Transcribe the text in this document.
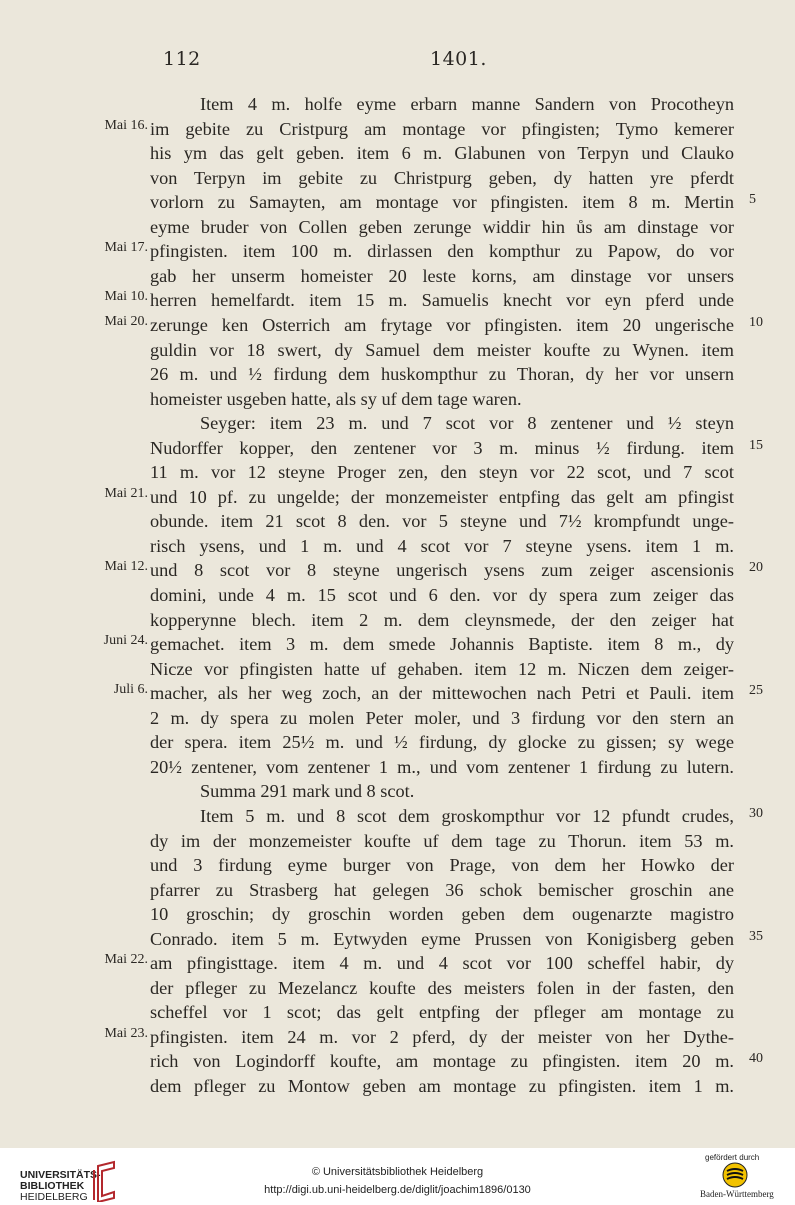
112	1401.
Item 4 m. holfe eyme erbarn manne Sandern von Procotheyn
Mai 16. im gebite zu Cristpurg am montage vor pfingisten; Tymo kemerer
his ym das gelt geben. item 6 m. Glabunen von Terpyn und Clauko
von Terpyn im gebite zu Christpurg geben, dy hatten yre pferdt
vorlorn zu Samayten, am montage vor pfingisten. item 8 m. Mertin 5
eyme bruder von Collen geben zerunge widdir hin ůs am dinstage vor
Mai 17. pfingisten. item 100 m. dirlassen den kompthur zu Papow, do vor
gab her unserm homeister 20 leste korns, am dinstage vor unsers
Mai 10. herren hemelfardt. item 15 m. Samuelis knecht vor eyn pferd unde
Mai 20. zerunge ken Osterrich am frytage vor pfingisten. item 20 ungerische 10
guldin vor 18 swert, dy Samuel dem meister koufte zu Wynen. item
26 m. und ½ firdung dem huskompthur zu Thoran, dy her vor unsern
homeister usgeben hatte, als sy uf dem tage waren.
Seyger: item 23 m. und 7 scot vor 8 zentener und ½ steyn
Nudorffer kopper, den zentener vor 3 m. minus ½ firdung. item 15
11 m. vor 12 steyne Proger zen, den steyn vor 22 scot, und 7 scot
Mai 21. und 10 pf. zu ungelde; der monzemeister entpfing das gelt am pfingist
obunde. item 21 scot 8 den. vor 5 steyne und 7½ krompfundt unge-
risch ysens, und 1 m. und 4 scot vor 7 steyne ysens. item 1 m.
Mai 12. und 8 scot vor 8 steyne ungerisch ysens zum zeiger ascensionis 20
domini, unde 4 m. 15 scot und 6 den. vor dy spera zum zeiger das
kopperynne blech. item 2 m. dem cleynsmede, der den zeiger hat
Juni 24. gemachet. item 3 m. dem smede Johannis Baptiste. item 8 m., dy
Nicze vor pfingisten hatte uf gehaben. item 12 m. Niczen dem zeiger-
Juli 6. macher, als her weg zoch, an der mittewochen nach Petri et Pauli. item 25
2 m. dy spera zu molen Peter moler, und 3 firdung vor den stern an
der spera. item 25½ m. und ½ firdung, dy glocke zu gissen; sy wege
20½ zentener, vom zentener 1 m., und vom zentener 1 firdung zu lutern.
Summa 291 mark und 8 scot.
Item 5 m. und 8 scot dem groskompthur vor 12 pfundt crudes, 30
dy im der monzemeister koufte uf dem tage zu Thorun. item 53 m.
und 3 firdung eyme burger von Prage, von dem her Howko der
pfarrer zu Strasberg hat gelegen 36 schok bemischer groschin ane
10 groschin; dy groschin worden geben dem ougenarzte magistro
Conrado. item 5 m. Eytwyden eyme Prussen von Konigisberg geben 35
Mai 22. am pfingisttage. item 4 m. und 4 scot vor 100 scheffel habir, dy
der pfleger zu Mezelancz koufte des meisters folen in der fasten, den
scheffel vor 1 scot; das gelt entpfing der pfleger am montage zu
Mai 23. pfingisten. item 24 m. vor 2 pferd, dy der meister von her Dythe-
rich von Logindorff koufte, am montage zu pfingisten. item 20 m. 40
dem pfleger zu Montow geben am montage zu pfingisten. item 1 m.
UNIVERSITÄTS-
BIBLIOTHEK
HEIDELBERG
© Universitätsbibliothek Heidelberg
http://digi.ub.uni-heidelberg.de/diglit/joachim1896/0130
gefördert durch
Baden-Württemberg
